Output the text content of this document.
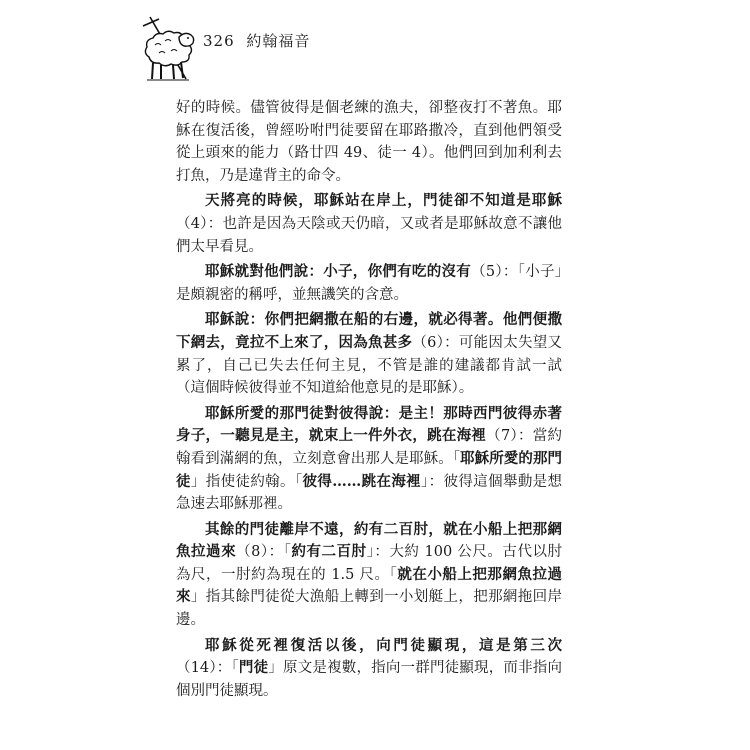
326 約翰福音

好的時候。儘管彼得是個老練的漁夫，卻整夜打不著魚。耶穌在復活後，曾經吩咐門徒要留在耶路撒冷，直到他們領受從上頭來的能力（路廿四 49、徒一 4）。他們回到加利利去打魚，乃是違背主的命令。

天將亮的時候，耶穌站在岸上，門徒卻不知道是耶穌（4）：也許是因為天陰或天仍暗，又或者是耶穌故意不讓他們太早看見。

耶穌就對他們說：小子，你們有吃的沒有（5）：「小子」是頗親密的稱呼，並無譏笑的含意。

耶穌說：你們把網撒在船的右邊，就必得著。他們便撒下網去，竟拉不上來了，因為魚甚多（6）：可能因太失望又累了，自己已失去任何主見，不管是誰的建議都肯試一試（這個時候彼得並不知道給他意見的是耶穌）。

耶穌所愛的那門徒對彼得說：是主！那時西門彼得赤著身子，一聽見是主，就束上一件外衣，跳在海裡（7）：當約翰看到滿網的魚，立刻意會出那人是耶穌。「耶穌所愛的那門徒」指使徒約翰。「彼得……跳在海裡」：彼得這個舉動是想急速去耶穌那裡。

其餘的門徒離岸不遠，約有二百肘，就在小船上把那網魚拉過來（8）：「約有二百肘」：大約 100 公尺。古代以肘為尺，一肘約為現在的 1.5 尺。「就在小船上把那網魚拉過來」指其餘門徒從大漁船上轉到一小划艇上，把那網拖回岸邊。

耶穌從死裡復活以後，向門徒顯現，這是第三次（14）：「門徒」原文是複數，指向一群門徒顯現，而非指向個別門徒顯現。
